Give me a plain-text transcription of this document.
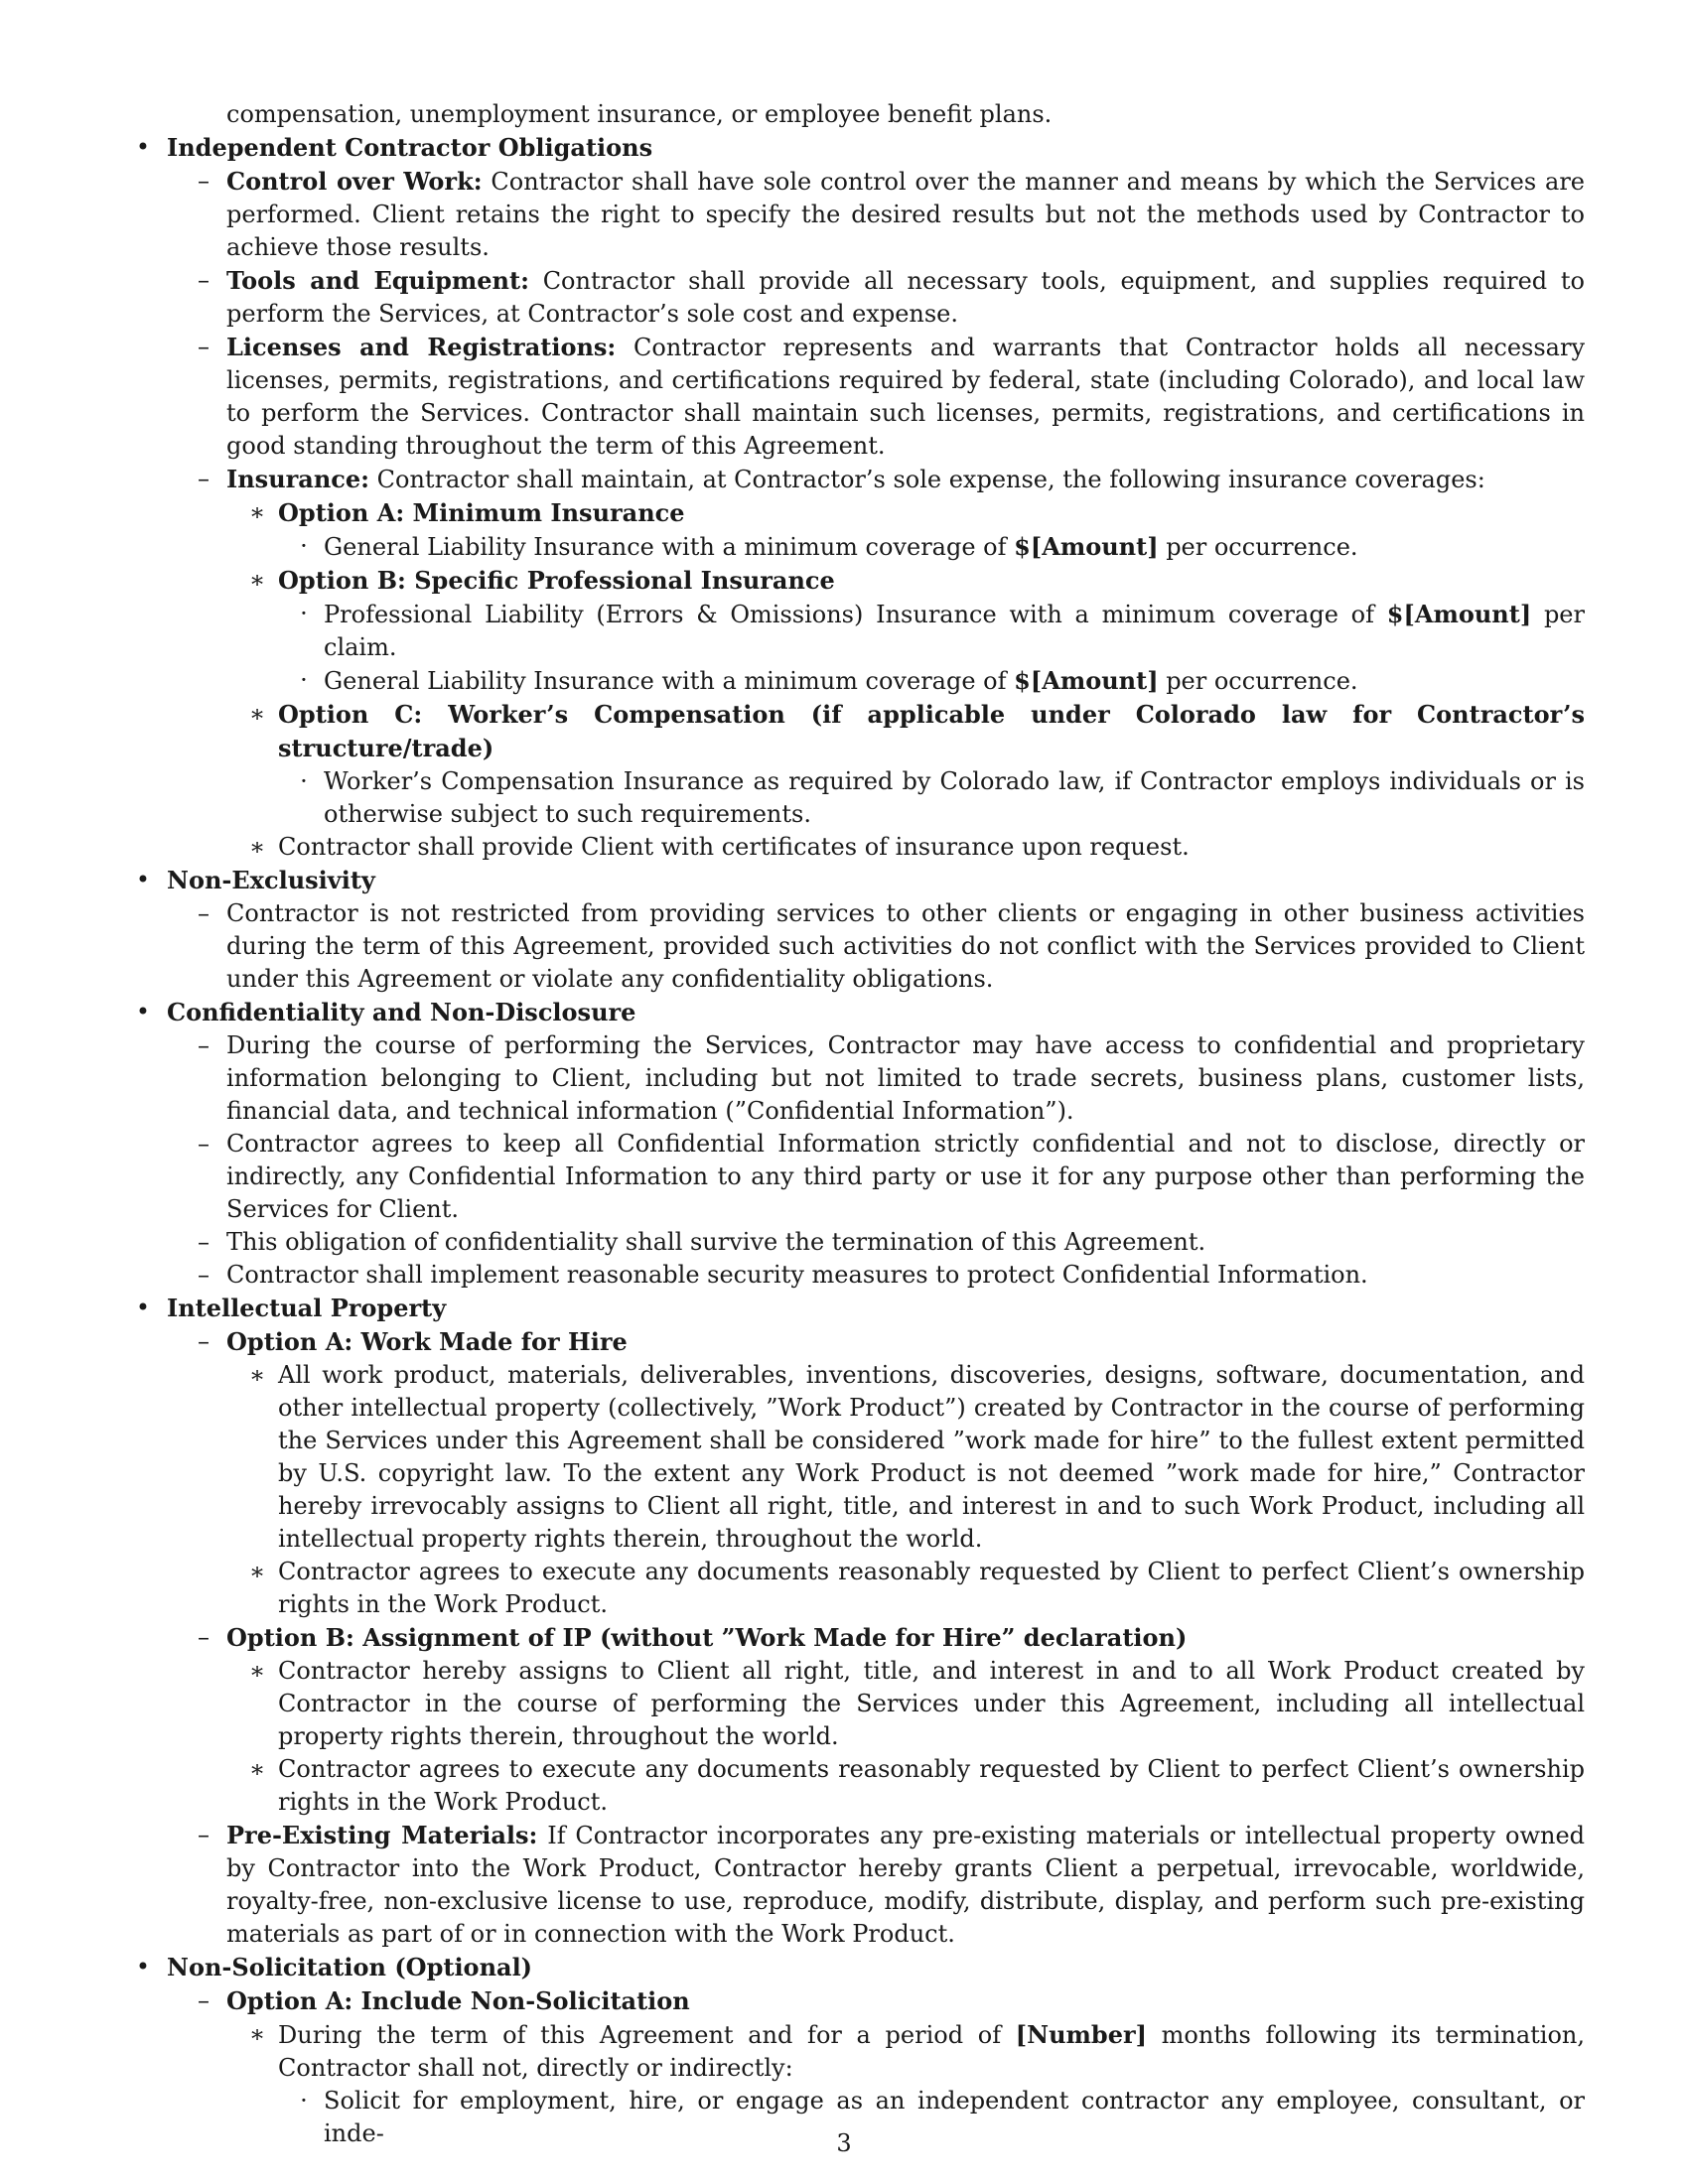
compensation, unemployment insurance, or employee benefit plans.
• Independent Contractor Obligations
– Control over Work: Contractor shall have sole control over the manner and means by which the Services are performed. Client retains the right to specify the desired results but not the methods used by Contractor to achieve those results.
– Tools and Equipment: Contractor shall provide all necessary tools, equipment, and supplies required to perform the Services, at Contractor’s sole cost and expense.
– Licenses and Registrations: Contractor represents and warrants that Contractor holds all necessary licenses, permits, registrations, and certifications required by federal, state (including Colorado), and local law to perform the Services. Contractor shall maintain such licenses, permits, registrations, and certifications in good standing throughout the term of this Agreement.
– Insurance: Contractor shall maintain, at Contractor’s sole expense, the following insurance coverages:
∗ Option A: Minimum Insurance
· General Liability Insurance with a minimum coverage of $[Amount] per occurrence.
∗ Option B: Specific Professional Insurance
· Professional Liability (Errors & Omissions) Insurance with a minimum coverage of $[Amount] per claim.
· General Liability Insurance with a minimum coverage of $[Amount] per occurrence.
∗ Option C: Worker’s Compensation (if applicable under Colorado law for Contractor’s structure/trade)
· Worker’s Compensation Insurance as required by Colorado law, if Contractor employs individuals or is otherwise subject to such requirements.
∗ Contractor shall provide Client with certificates of insurance upon request.
• Non-Exclusivity
– Contractor is not restricted from providing services to other clients or engaging in other business activities during the term of this Agreement, provided such activities do not conflict with the Services provided to Client under this Agreement or violate any confidentiality obligations.
• Confidentiality and Non-Disclosure
– During the course of performing the Services, Contractor may have access to confidential and proprietary information belonging to Client, including but not limited to trade secrets, business plans, customer lists, financial data, and technical information (”Confidential Information”).
– Contractor agrees to keep all Confidential Information strictly confidential and not to disclose, directly or indirectly, any Confidential Information to any third party or use it for any purpose other than performing the Services for Client.
– This obligation of confidentiality shall survive the termination of this Agreement.
– Contractor shall implement reasonable security measures to protect Confidential Information.
• Intellectual Property
– Option A: Work Made for Hire
∗ All work product, materials, deliverables, inventions, discoveries, designs, software, documentation, and other intellectual property (collectively, ”Work Product”) created by Contractor in the course of performing the Services under this Agreement shall be considered ”work made for hire” to the fullest extent permitted by U.S. copyright law. To the extent any Work Product is not deemed ”work made for hire,” Contractor hereby irrevocably assigns to Client all right, title, and interest in and to such Work Product, including all intellectual property rights therein, throughout the world.
∗ Contractor agrees to execute any documents reasonably requested by Client to perfect Client’s ownership rights in the Work Product.
– Option B: Assignment of IP (without ”Work Made for Hire” declaration)
∗ Contractor hereby assigns to Client all right, title, and interest in and to all Work Product created by Contractor in the course of performing the Services under this Agreement, including all intellectual property rights therein, throughout the world.
∗ Contractor agrees to execute any documents reasonably requested by Client to perfect Client’s ownership rights in the Work Product.
– Pre-Existing Materials: If Contractor incorporates any pre-existing materials or intellectual property owned by Contractor into the Work Product, Contractor hereby grants Client a perpetual, irrevocable, worldwide, royalty-free, non-exclusive license to use, reproduce, modify, distribute, display, and perform such pre-existing materials as part of or in connection with the Work Product.
• Non-Solicitation (Optional)
– Option A: Include Non-Solicitation
∗ During the term of this Agreement and for a period of [Number] months following its termination, Contractor shall not, directly or indirectly:
· Solicit for employment, hire, or engage as an independent contractor any employee, consultant, or inde-	3
